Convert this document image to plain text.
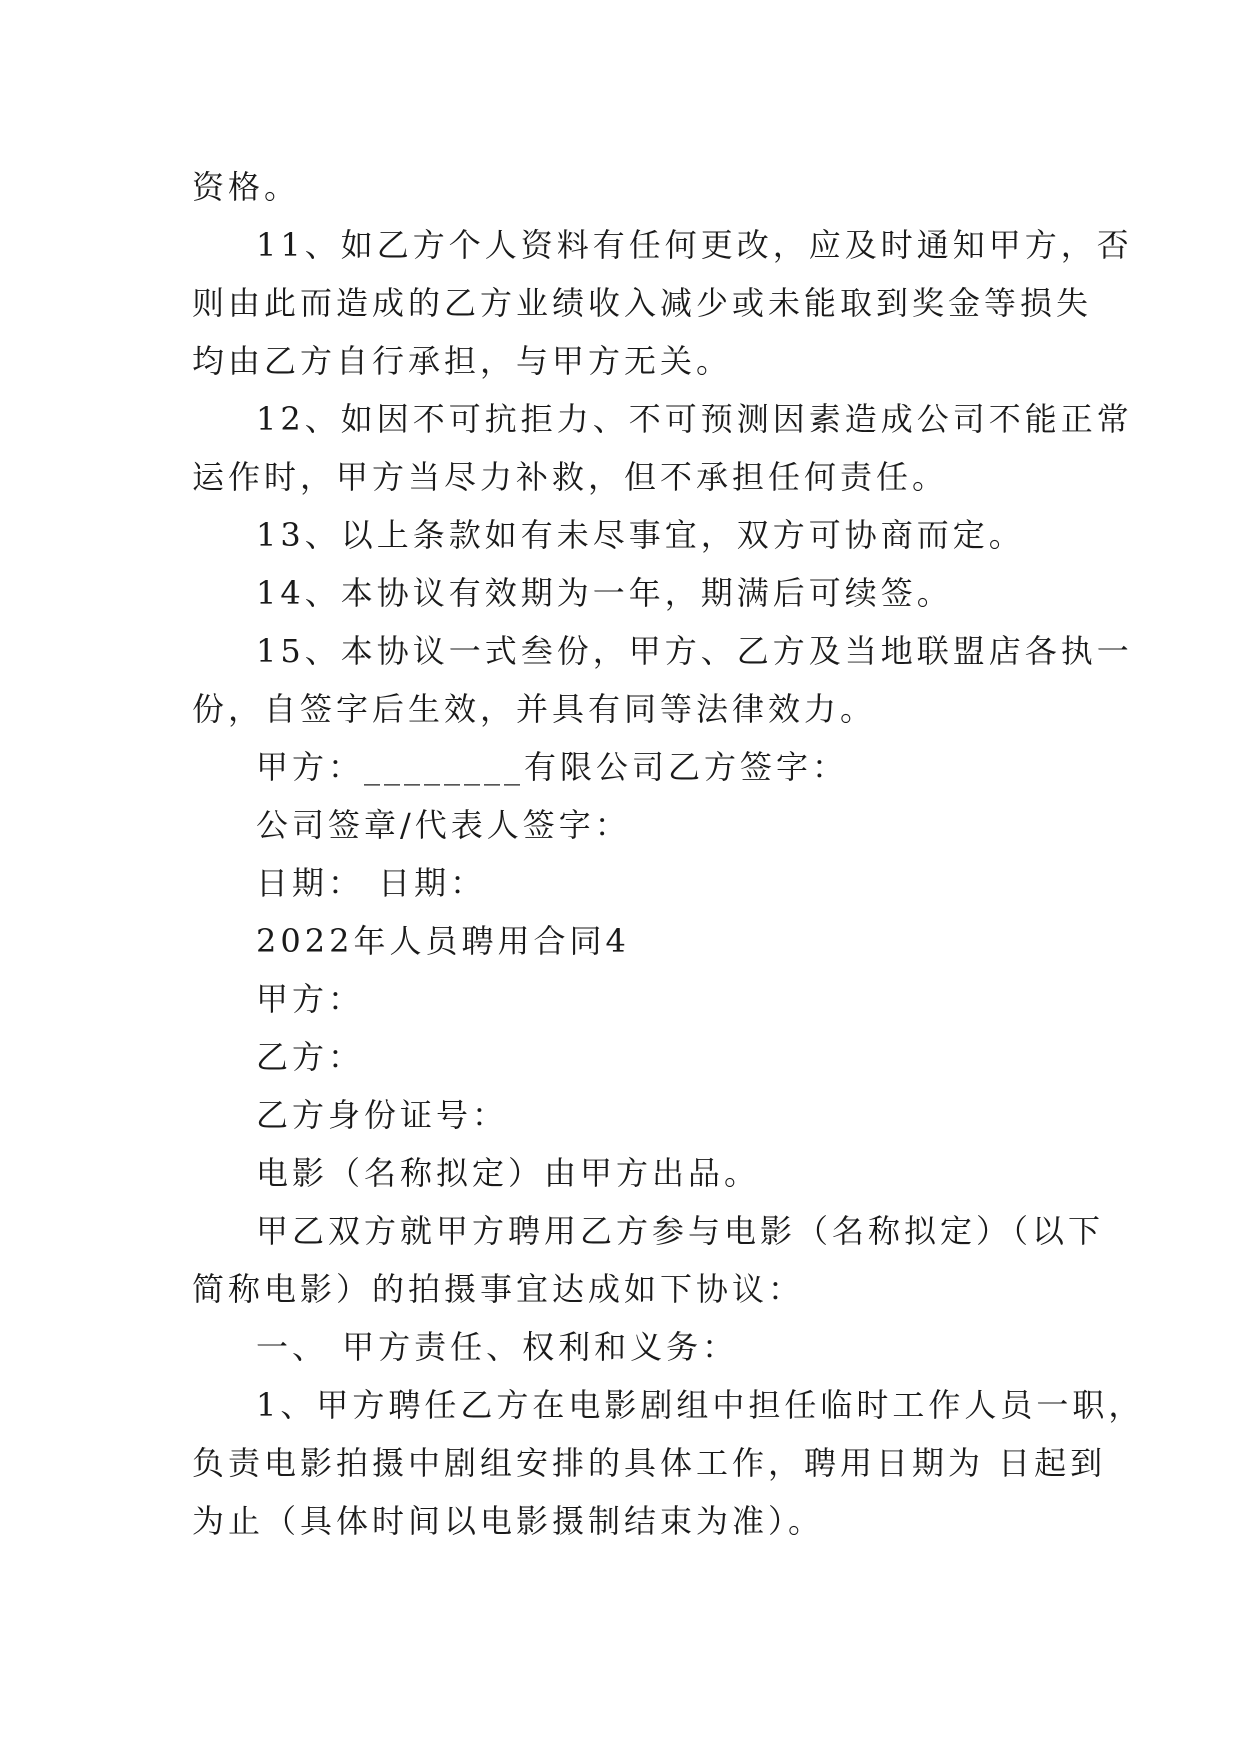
资格。

11、如乙方个人资料有任何更改，应及时通知甲方，否

则由此而造成的乙方业绩收入减少或未能取到奖金等损失

均由乙方自行承担，与甲方无关。

12、如因不可抗拒力、不可预测因素造成公司不能正常

运作时，甲方当尽力补救，但不承担任何责任。

13、以上条款如有未尽事宜，双方可协商而定。

14、本协议有效期为一年，期满后可续签。

15、本协议一式叁份，甲方、乙方及当地联盟店各执一

份，自签字后生效，并具有同等法律效力。

甲方：________有限公司乙方签字：

公司签章/代表人签字：

日期： 日期：

2022年人员聘用合同4

甲方：

乙方：

乙方身份证号：

电影（名称拟定）由甲方出品。

甲乙双方就甲方聘用乙方参与电影（名称拟定）（以下

简称电影）的拍摄事宜达成如下协议：

一、 甲方责任、权利和义务：

1、甲方聘任乙方在电影剧组中担任临时工作人员一职，

负责电影拍摄中剧组安排的具体工作，聘用日期为 日起到

为止（具体时间以电影摄制结束为准）。
